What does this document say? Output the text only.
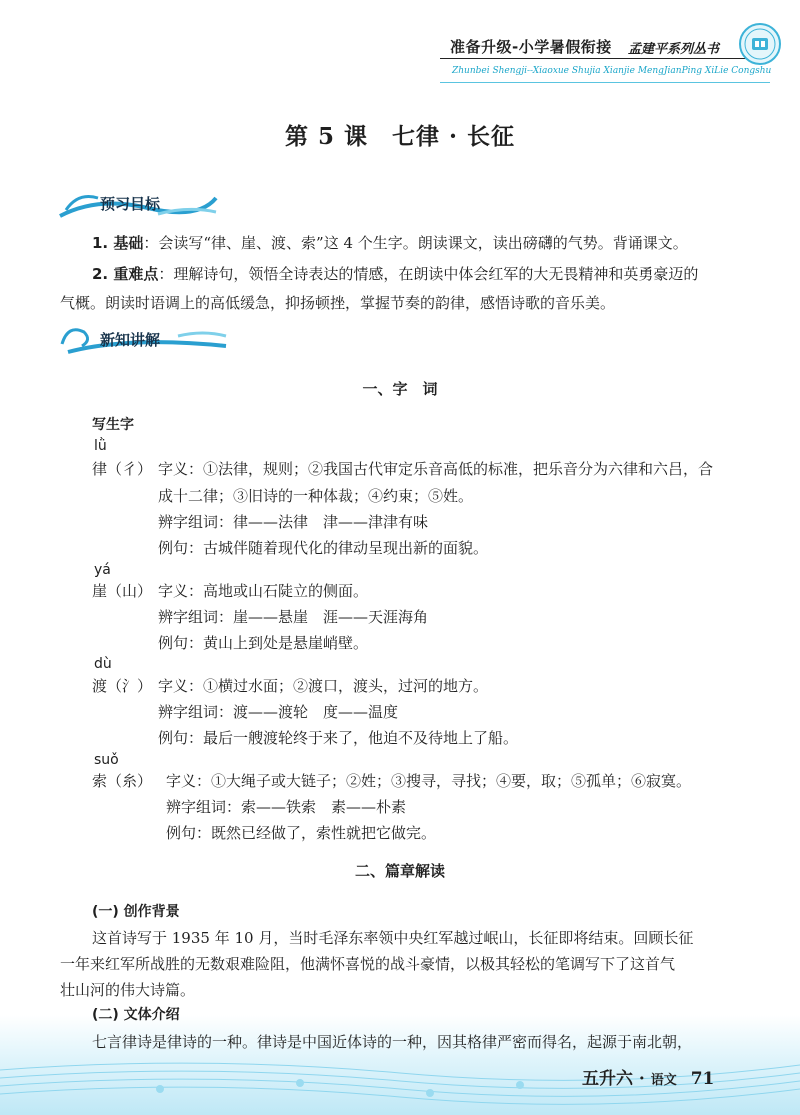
准备升级-小学暑假衔接 孟建平系列丛书
Zhunbei Shengji--Xiaoxue Shujia Xianjie MengJianPing XiLie Congshu
第 5 课　七律 · 长征
预习目标
1. 基础：会读写“律、崖、渡、索”这 4 个生字。朗读课文，读出磅礴的气势。背诵课文。
2. 重难点：理解诗句，领悟全诗表达的情感，在朗读中体会红军的大无畏精神和英勇豪迈的
气概。朗读时语调上的高低缓急，抑扬顿挫，掌握节奏的韵律，感悟诗歌的音乐美。
新知讲解
一、字　词
写生字
lǜ
律（彳） 字义：①法律，规则；②我国古代审定乐音高低的标准，把乐音分为六律和六吕，合
成十二律；③旧诗的一种体裁；④约束；⑤姓。
辨字组词：律——法律　津——津津有味
例句：古城伴随着现代化的律动呈现出新的面貌。
yá
崖（山） 字义：高地或山石陡立的侧面。
辨字组词：崖——悬崖　涯——天涯海角
例句：黄山上到处是悬崖峭壁。
dù
渡（氵） 字义：①横过水面；②渡口，渡头，过河的地方。
辨字组词：渡——渡轮　度——温度
例句：最后一艘渡轮终于来了，他迫不及待地上了船。
suǒ
索（糸） 字义：①大绳子或大链子；②姓；③搜寻，寻找；④要，取；⑤孤单；⑥寂寞。
辨字组词：索——铁索　素——朴素
例句：既然已经做了，索性就把它做完。
二、篇章解读
(一) 创作背景
这首诗写于 1935 年 10 月，当时毛泽东率领中央红军越过岷山，长征即将结束。回顾长征
一年来红军所战胜的无数艰难险阻，他满怀喜悦的战斗豪情，以极其轻松的笔调写下了这首气
壮山河的伟大诗篇。
(二) 文体介绍
七言律诗是律诗的一种。律诗是中国近体诗的一种，因其格律严密而得名，起源于南北朝，
五升六 · 语文 71
